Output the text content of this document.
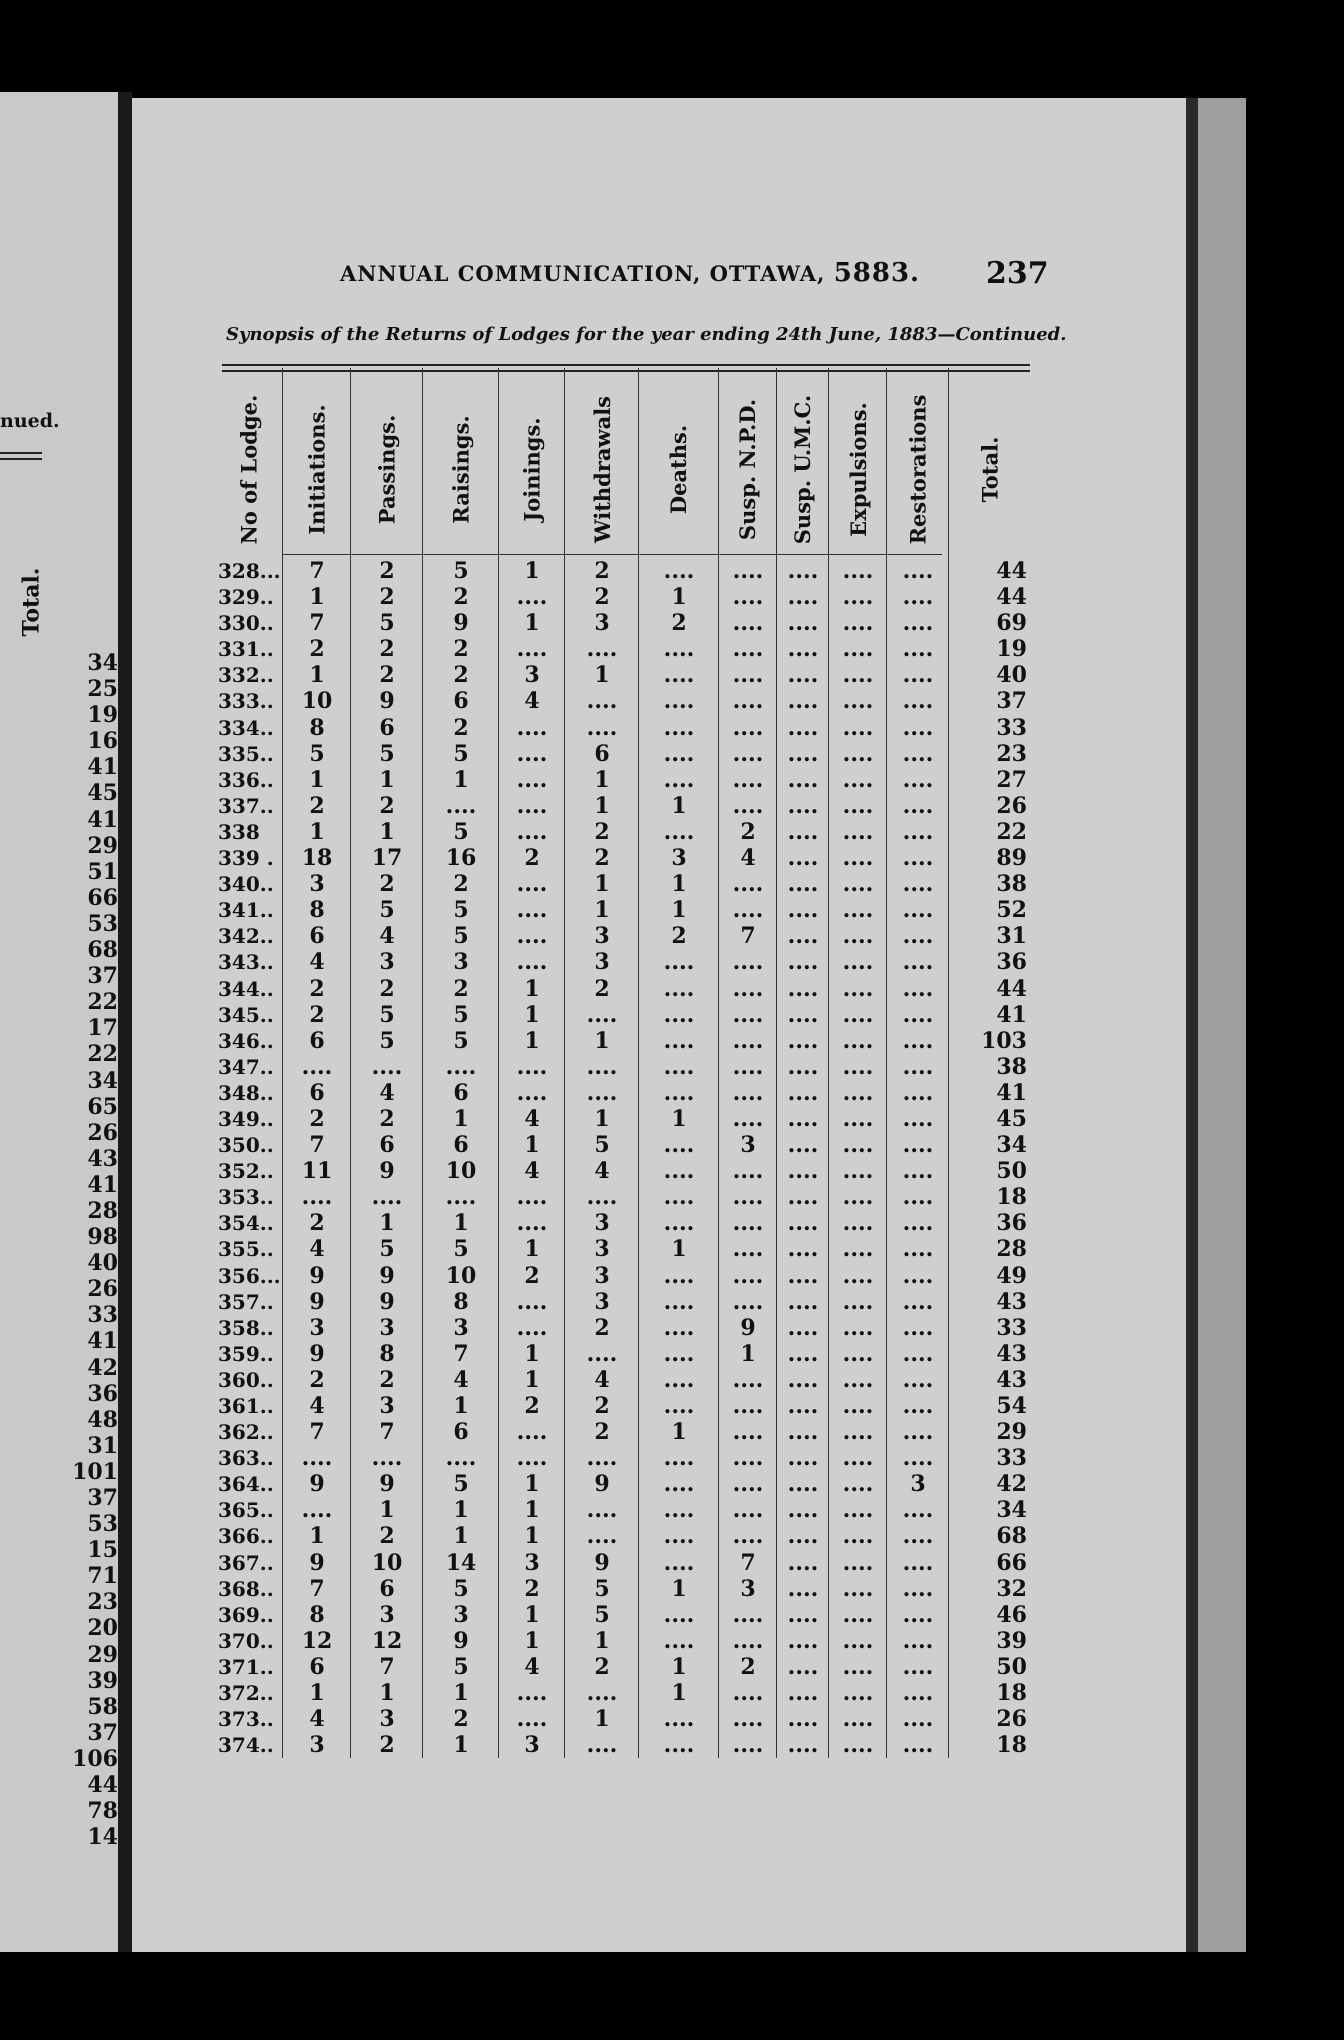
nued.
Total.
34
25
19
16
41
45
41
29
51
66
53
68
37
22
17
22
34
65
26
43
41
28
98
40
26
33
41
42
36
48
31
101
37
53
15
71
23
20
29
39
58
37
106
44
78
14
ANNUAL COMMUNICATION, OTTAWA, 5883. 237
Synopsis of the Returns of Lodges for the year ending 24th June, 1883—Continued.
No of Lodge.
328...
329..
330..
331..
332..
333..
334..
335..
336..
337..
338
339 .
340..
341..
342..
343..
344..
345..
346..
347..
348..
349..
350..
352..
353..
354..
355..
356...
357..
358..
359..
360..
361..
362..
363..
364..
365..
366..
367..
368..
369..
370..
371..
372..
373..
374..
Initiations.
7
1
7
2
1
10
8
5
1
2
1
18
3
8
6
4
2
2
6
....
6
2
7
11
....
2
4
9
9
3
9
2
4
7
....
9
....
1
9
7
8
12
6
1
4
3
Passings.
2
2
5
2
2
9
6
5
1
2
1
17
2
5
4
3
2
5
5
....
4
2
6
9
....
1
5
9
9
3
8
2
3
7
....
9
1
2
10
6
3
12
7
1
3
2
Raisings.
5
2
9
2
2
6
2
5
1
....
5
16
2
5
5
3
2
5
5
....
6
1
6
10
....
1
5
10
8
3
7
4
1
6
....
5
1
1
14
5
3
9
5
1
2
1
Joinings.
1
....
1
....
3
4
....
....
....
....
....
2
....
....
....
....
1
1
1
....
....
4
1
4
....
....
1
2
....
....
1
1
2
....
....
1
1
1
3
2
1
1
4
....
....
3
Withdrawals
2
2
3
....
1
....
....
6
1
1
2
2
1
1
3
3
2
....
1
....
....
1
5
4
....
3
3
3
3
2
....
4
2
2
....
9
....
....
9
5
5
1
2
....
1
....
Deaths.
....
1
2
....
....
....
....
....
....
1
....
3
1
1
2
....
....
....
....
....
....
1
....
....
....
....
1
....
....
....
....
....
....
1
....
....
....
....
....
1
....
....
1
1
....
....
Susp. N.P.D.
....
....
....
....
....
....
....
....
....
....
2
4
....
....
7
....
....
....
....
....
....
....
3
....
....
....
....
....
....
9
1
....
....
....
....
....
....
....
7
3
....
....
2
....
....
....
Susp. U.M.C.
....
....
....
....
....
....
....
....
....
....
....
....
....
....
....
....
....
....
....
....
....
....
....
....
....
....
....
....
....
....
....
....
....
....
....
....
....
....
....
....
....
....
....
....
....
....
Expulsions.
....
....
....
....
....
....
....
....
....
....
....
....
....
....
....
....
....
....
....
....
....
....
....
....
....
....
....
....
....
....
....
....
....
....
....
....
....
....
....
....
....
....
....
....
....
....
Restorations
....
....
....
....
....
....
....
....
....
....
....
....
....
....
....
....
....
....
....
....
....
....
....
....
....
....
....
....
....
....
....
....
....
....
....
3
....
....
....
....
....
....
....
....
....
....
Total.
44
44
69
19
40
37
33
23
27
26
22
89
38
52
31
36
44
41
103
38
41
45
34
50
18
36
28
49
43
33
43
43
54
29
33
42
34
68
66
32
46
39
50
18
26
18
